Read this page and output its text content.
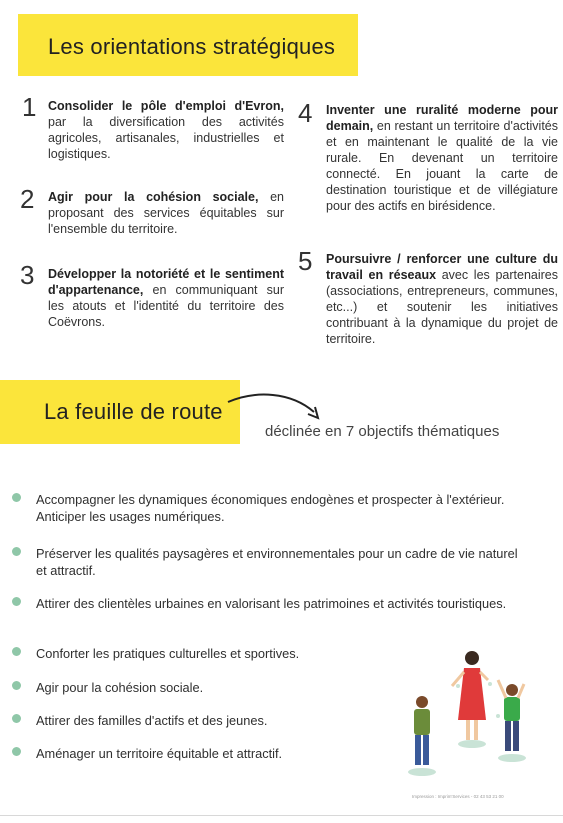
Les orientations stratégiques
1 Consolider le pôle d'emploi d'Evron, par la diversification des activités agricoles, artisanales, industrielles et logistiques.
2 Agir pour la cohésion sociale, en proposant des services équitables sur l'ensemble du territoire.
3 Développer la notoriété et le sentiment d'appartenance, en communiquant sur les atouts et l'identité du territoire des Coëvrons.
4 Inventer une ruralité moderne pour demain, en restant un territoire d'activités et en maintenant le qualité de la vie rurale. En devenant un territoire connecté. En jouant la carte de destination touristique et de villégiature pour des actifs en birésidence.
5 Poursuivre / renforcer une culture du travail en réseaux avec les partenaires (associations, entrepreneurs, communes, etc...) et soutenir les initiatives contribuant à la dynamique du projet de territoire.
La feuille de route
déclinée en 7 objectifs thématiques
Accompagner les dynamiques économiques endogènes et prospecter à l'extérieur. Anticiper les usages numériques.
Préserver les qualités paysagères et environnementales pour un cadre de vie naturel et attractif.
Attirer des clientèles urbaines en valorisant les patrimoines et activités touristiques.
Conforter les pratiques culturelles et sportives.
Agir pour la cohésion sociale.
Attirer des familles d'actifs et des jeunes.
Aménager un territoire équitable et attractif.
Impression : Imprim'Services - 02 43 53 21 00
